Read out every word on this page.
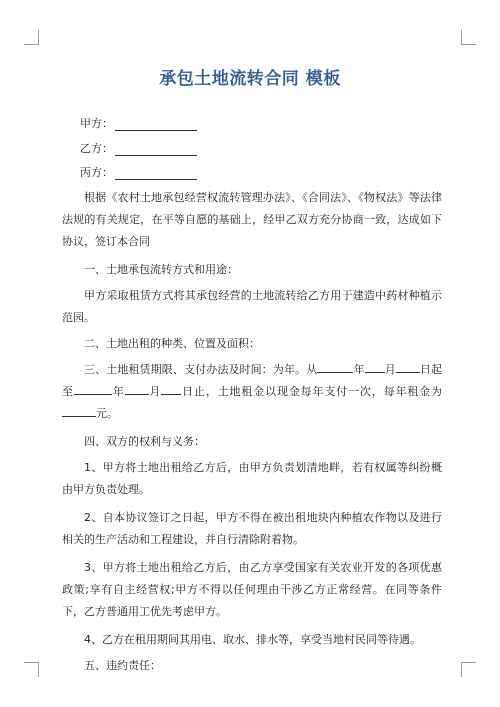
承包土地流转合同 模板
甲方：
乙方：
丙方：

根据《农村土地承包经营权流转管理办法》、《合同法》、《物权法》等法律法规的有关规定，在平等自愿的基础上，经甲乙双方充分协商一致，达成如下协议，签订本合同

一、土地承包流转方式和用途：

甲方采取租赁方式将其承包经营的土地流转给乙方用于建造中药材种植示范园。

二、土地出租的种类、位置及面积：

三、土地租赁期限、支付办法及时间：为年。从	年 月 日起至	年 月 日止，土地租金以现金每年支付一次，每年租金为元。

四、双方的权利与义务：

1、甲方将土地出租给乙方后，由甲方负责划清地畔，若有权属等纠纷概由甲方负责处理。

2、自本协议签订之日起，甲方不得在被出租地块内种植农作物以及进行相关的生产活动和工程建设，并自行清除附着物。

3、甲方将土地出租给乙方后，由乙方享受国家有关农业开发的各项优惠政策;享有自主经营权;甲方不得以任何理由干涉乙方正常经营。在同等条件下，乙方普通用工优先考虑甲方。

4、乙方在租用期间其用电、取水、排水等，享受当地村民同等待遇。

五、违约责任：
